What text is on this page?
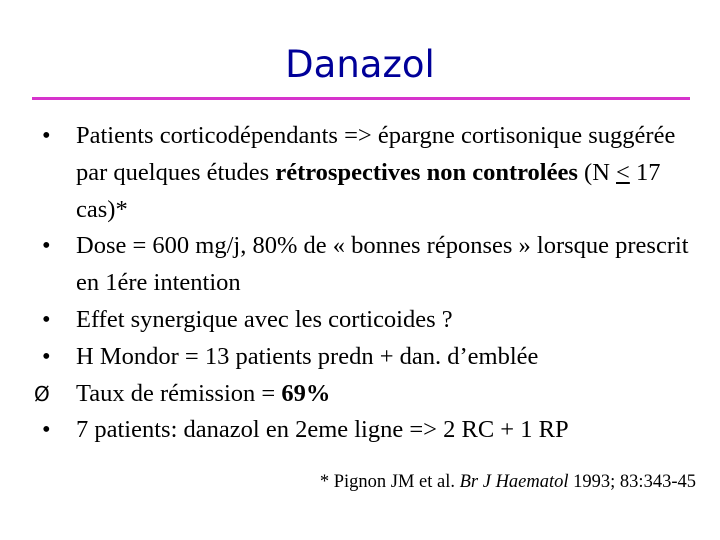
Danazol
•	Patients corticodépendants => épargne cortisonique suggérée par quelques études rétrospectives non controlées (N ≤ 17 cas)*
•	Dose = 600 mg/j, 80% de « bonnes réponses » lorsque prescrit en 1ére intention
•	Effet synergique avec les corticoides ?
•	H Mondor = 13 patients predn + dan. d’emblée
Ø	Taux de rémission = 69%
•	7 patients: danazol en 2eme ligne => 2 RC + 1 RP
* Pignon JM et al. Br J Haematol 1993; 83:343-45
